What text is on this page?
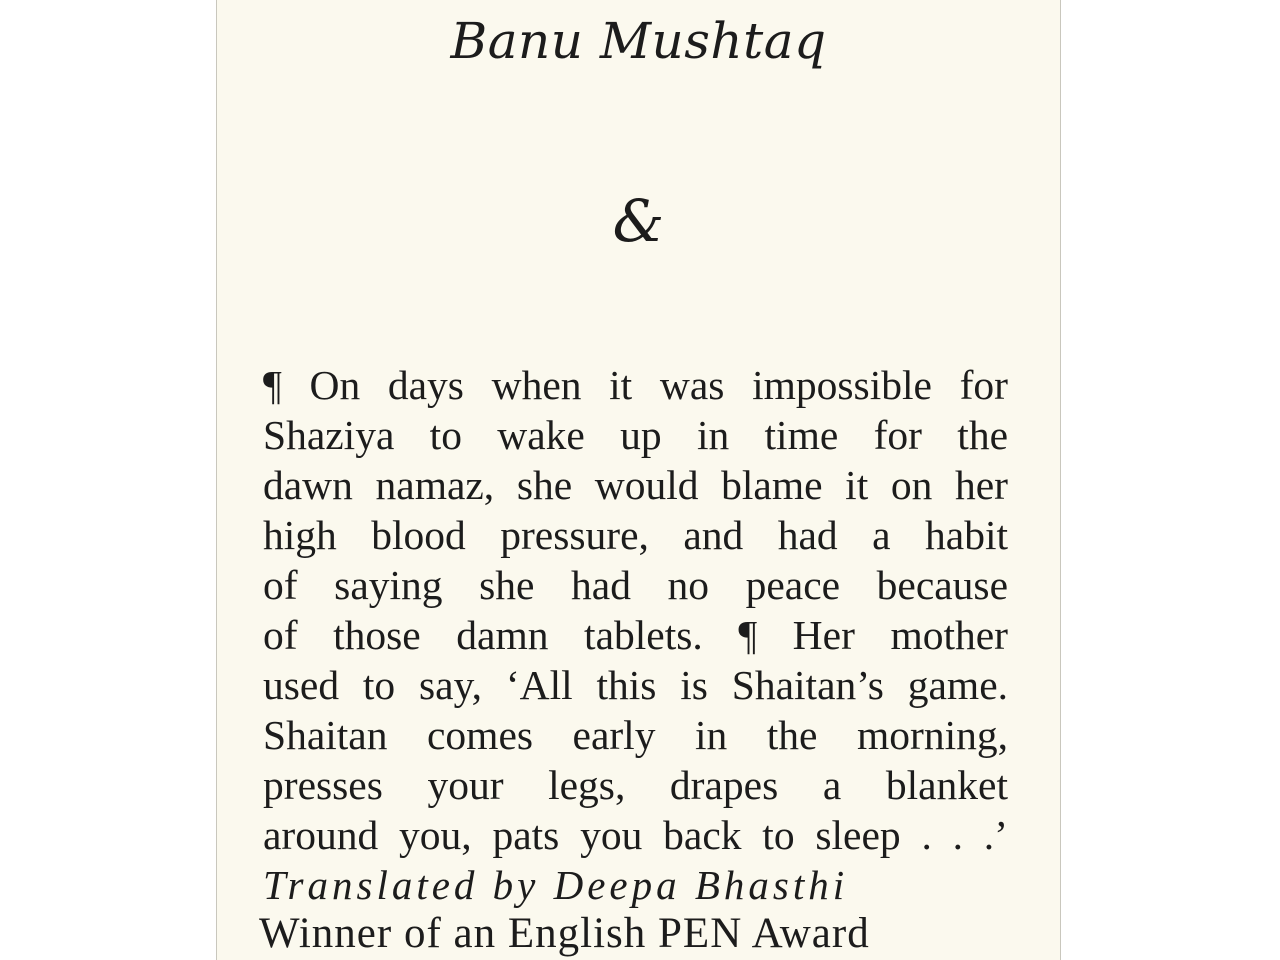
Banu Mushtaq
&
¶ On days when it was impossible for
Shaziya to wake up in time for the
dawn namaz, she would blame it on her
high blood pressure, and had a habit
of saying she had no peace because
of those damn tablets. ¶ Her mother
used to say, ‘All this is Shaitan’s game.
Shaitan comes early in the morning,
presses your legs, drapes a blanket
around you, pats you back to sleep . . .’
Translated by Deepa Bhasthi
Winner of an English PEN Award
